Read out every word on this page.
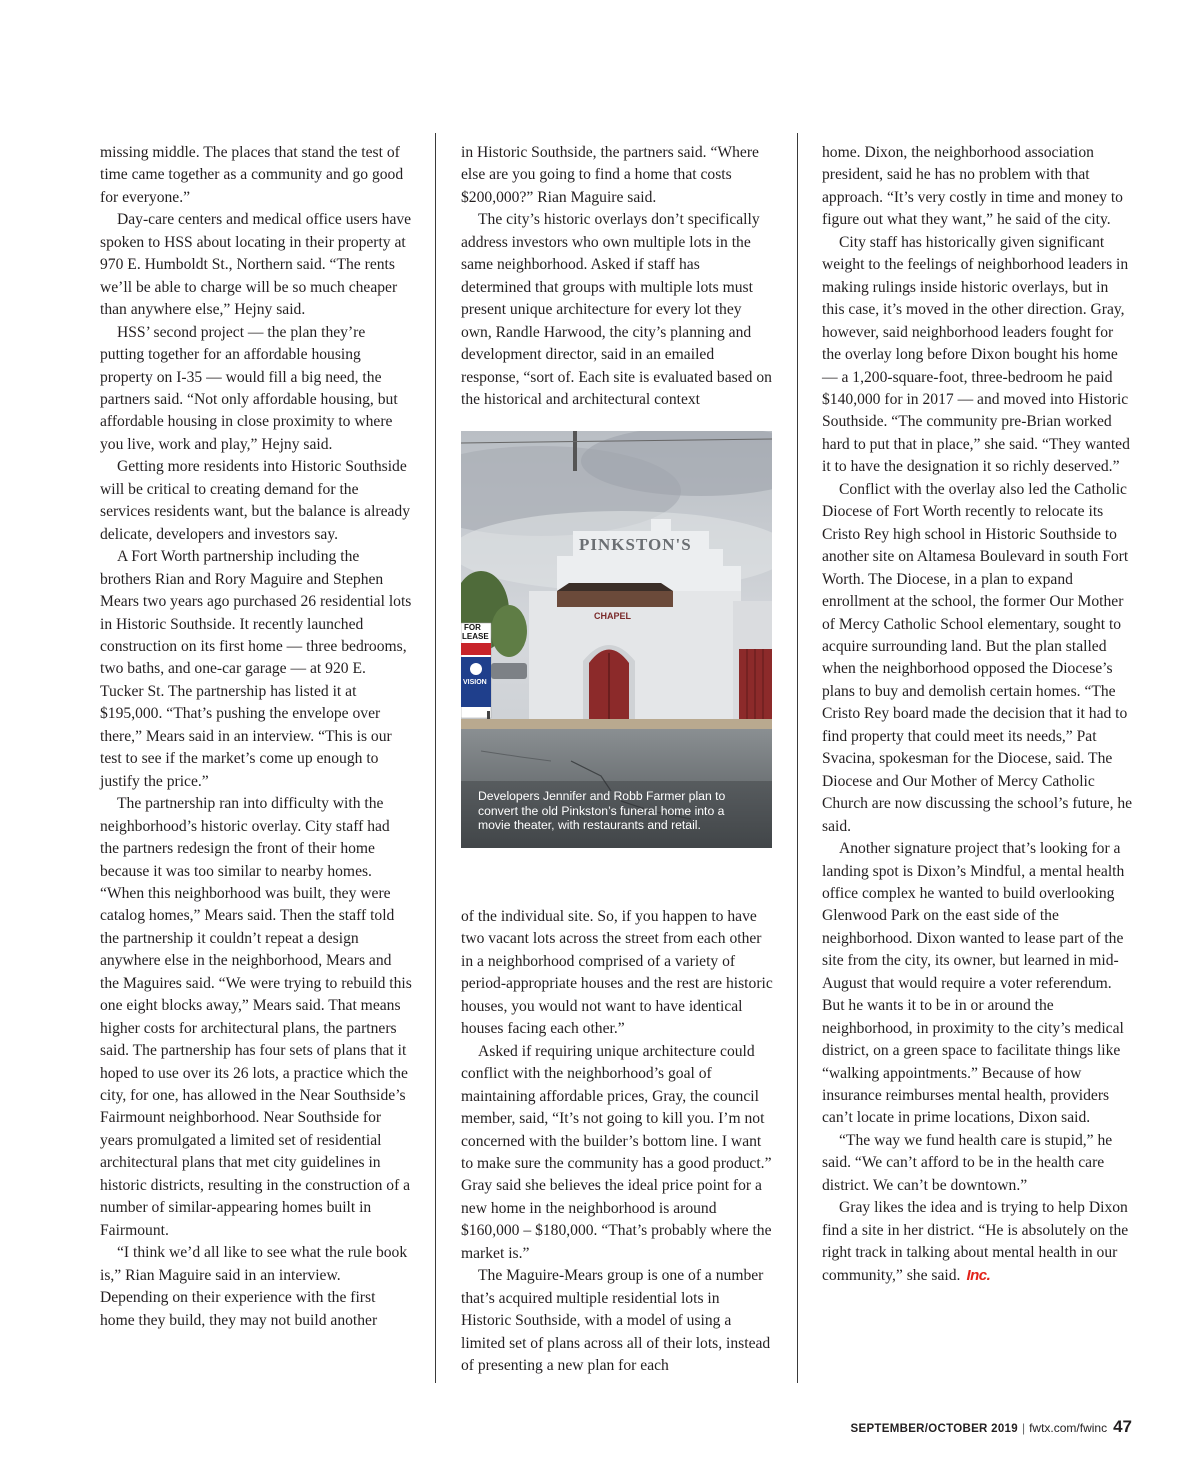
missing middle. The places that stand the test of time came together as a community and go good for everyone.”

Day-care centers and medical office users have spoken to HSS about locating in their property at 970 E. Humboldt St., Northern said. “The rents we’ll be able to charge will be so much cheaper than anywhere else,” Hejny said.

HSS’ second project — the plan they’re putting together for an affordable housing property on I-35 — would fill a big need, the partners said. “Not only affordable housing, but affordable housing in close proximity to where you live, work and play,” Hejny said.

Getting more residents into Historic Southside will be critical to creating demand for the services residents want, but the balance is already delicate, developers and investors say.

A Fort Worth partnership including the brothers Rian and Rory Maguire and Stephen Mears two years ago purchased 26 residential lots in Historic Southside. It recently launched construction on its first home — three bedrooms, two baths, and one-car garage — at 920 E. Tucker St. The partnership has listed it at $195,000. “That’s pushing the envelope over there,” Mears said in an interview. “This is our test to see if the market’s come up enough to justify the price.”

The partnership ran into difficulty with the neighborhood’s historic overlay. City staff had the partners redesign the front of their home because it was too similar to nearby homes. “When this neighborhood was built, they were catalog homes,” Mears said. Then the staff told the partnership it couldn’t repeat a design anywhere else in the neighborhood, Mears and the Maguires said. “We were trying to rebuild this one eight blocks away,” Mears said. That means higher costs for architectural plans, the partners said. The partnership has four sets of plans that it hoped to use over its 26 lots, a practice which the city, for one, has allowed in the Near Southside’s Fairmount neighborhood. Near Southside for years promulgated a limited set of residential architectural plans that met city guidelines in historic districts, resulting in the construction of a number of similar-appearing homes built in Fairmount.

“I think we’d all like to see what the rule book is,” Rian Maguire said in an interview. Depending on their experience with the first home they build, they may not build another

in Historic Southside, the partners said. “Where else are you going to find a home that costs $200,000?” Rian Maguire said.

The city’s historic overlays don’t specifically address investors who own multiple lots in the same neighborhood. Asked if staff has determined that groups with multiple lots must present unique architecture for every lot they own, Randle Harwood, the city’s planning and development director, said in an emailed response, “sort of. Each site is evaluated based on the historical and architectural context

PINKSTON'S
CHAPEL
FOR
LEASE
VISION
Developers Jennifer and Robb Farmer plan to convert the old Pinkston’s funeral home into a movie theater, with restaurants and retail.

of the individual site. So, if you happen to have two vacant lots across the street from each other in a neighborhood comprised of a variety of period-appropriate houses and the rest are historic houses, you would not want to have identical houses facing each other.”

Asked if requiring unique architecture could conflict with the neighborhood’s goal of maintaining affordable prices, Gray, the council member, said, “It’s not going to kill you. I’m not concerned with the builder’s bottom line. I want to make sure the community has a good product.” Gray said she believes the ideal price point for a new home in the neighborhood is around $160,000 – $180,000. “That’s probably where the market is.”

The Maguire-Mears group is one of a number that’s acquired multiple residential lots in Historic Southside, with a model of using a limited set of plans across all of their lots, instead of presenting a new plan for each

home. Dixon, the neighborhood association president, said he has no problem with that approach. “It’s very costly in time and money to figure out what they want,” he said of the city.

City staff has historically given significant weight to the feelings of neighborhood leaders in making rulings inside historic overlays, but in this case, it’s moved in the other direction. Gray, however, said neighborhood leaders fought for the overlay long before Dixon bought his home — a 1,200-square-foot, three-bedroom he paid $140,000 for in 2017 — and moved into Historic Southside. “The community pre-Brian worked hard to put that in place,” she said. “They wanted it to have the designation it so richly deserved.”

Conflict with the overlay also led the Catholic Diocese of Fort Worth recently to relocate its Cristo Rey high school in Historic Southside to another site on Altamesa Boulevard in south Fort Worth. The Diocese, in a plan to expand enrollment at the school, the former Our Mother of Mercy Catholic School elementary, sought to acquire surrounding land. But the plan stalled when the neighborhood opposed the Diocese’s plans to buy and demolish certain homes. “The Cristo Rey board made the decision that it had to find property that could meet its needs,” Pat Svacina, spokesman for the Diocese, said. The Diocese and Our Mother of Mercy Catholic Church are now discussing the school’s future, he said.

Another signature project that’s looking for a landing spot is Dixon’s Mindful, a mental health office complex he wanted to build overlooking Glenwood Park on the east side of the neighborhood. Dixon wanted to lease part of the site from the city, its owner, but learned in mid-August that would require a voter referendum. But he wants it to be in or around the neighborhood, in proximity to the city’s medical district, on a green space to facilitate things like “walking appointments.” Because of how insurance reimburses mental health, providers can’t locate in prime locations, Dixon said.

“The way we fund health care is stupid,” he said. “We can’t afford to be in the health care district. We can’t be downtown.”

Gray likes the idea and is trying to help Dixon find a site in her district. “He is absolutely on the right track in talking about mental health in our community,” she said. Inc.

SEPTEMBER/OCTOBER 2019 | fwtx.com/fwinc 47
